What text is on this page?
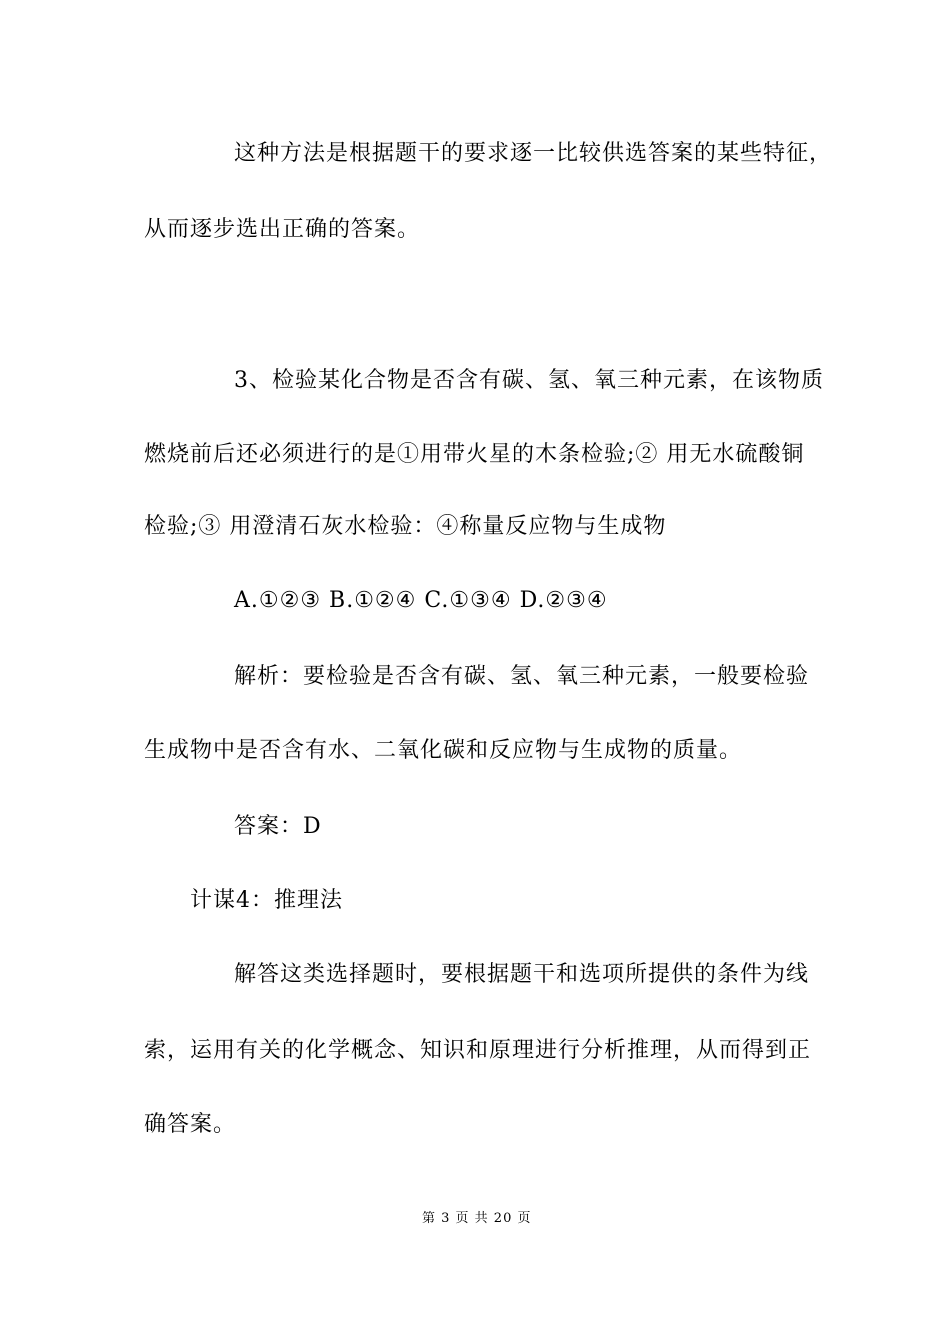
这种方法是根据题干的要求逐一比较供选答案的某些特征，
从而逐步选出正确的答案。
3、检验某化合物是否含有碳、氢、氧三种元素，在该物质
燃烧前后还必须进行的是①用带火星的木条检验;② 用无水硫酸铜
检验;③ 用澄清石灰水检验：④称量反应物与生成物
A.①②③ B.①②④ C.①③④ D.②③④
解析：要检验是否含有碳、氢、氧三种元素，一般要检验
生成物中是否含有水、二氧化碳和反应物与生成物的质量。
答案：D
计谋4：推理法
解答这类选择题时，要根据题干和选项所提供的条件为线
索，运用有关的化学概念、知识和原理进行分析推理，从而得到正
确答案。
第 3 页 共 20 页
